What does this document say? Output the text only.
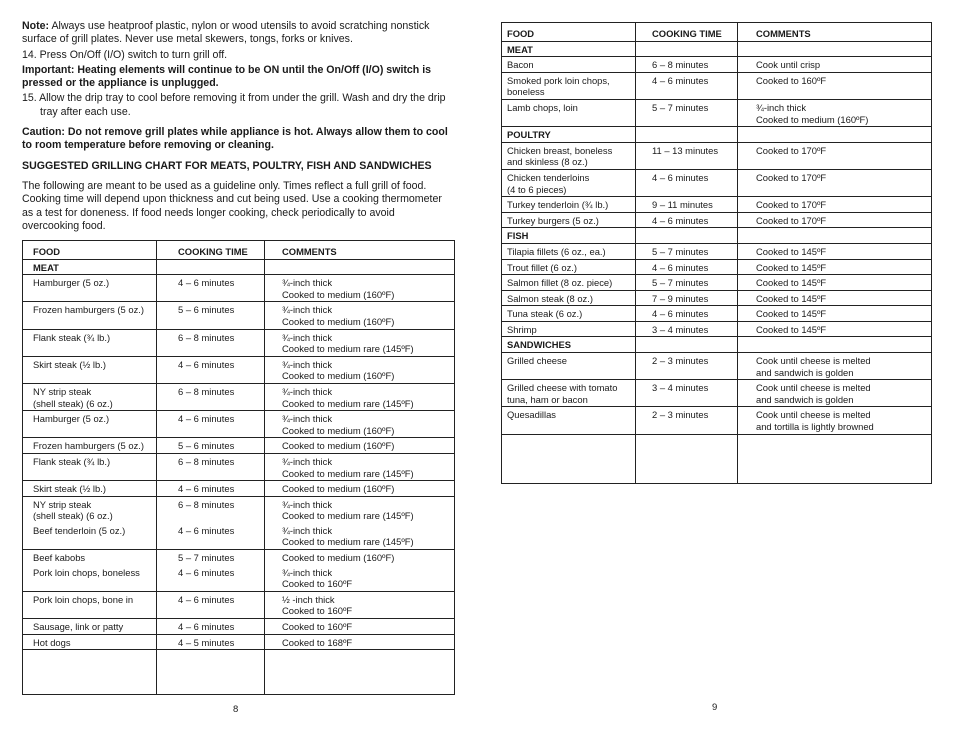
Note: Always use heatproof plastic, nylon or wood utensils to avoid scratching nonstick surface of grill plates. Never use metal skewers, tongs, forks or knives.

14. Press On/Off (I/O) switch to turn grill off.

Important: Heating elements will continue to be ON until the On/Off (I/O) switch is pressed or the appliance is unplugged.

15. Allow the drip tray to cool before removing it from under the grill. Wash and dry the drip tray after each use.

Caution: Do not remove grill plates while appliance is hot. Always allow them to cool to room temperature before removing or cleaning.

SUGGESTED GRILLING CHART FOR MEATS, POULTRY, FISH AND SANDWICHES

The following are meant to be used as a guideline only. Times reflect a full grill of food. Cooking time will depend upon thickness and cut being used. Use a cooking thermometer as a test for doneness. If food needs longer cooking, check periodically to avoid overcooking food.

FOOD	COOKING TIME	COMMENTS
MEAT		
Hamburger (5 oz.)	4 – 6 minutes	¾-inch thick
Cooked to medium (160ºF)
Frozen hamburgers (5 oz.)	5 – 6 minutes	¾-inch thick
Cooked to medium (160ºF)
Flank steak (¾ lb.)	6 – 8 minutes	¾-inch thick
Cooked to medium rare (145ºF)
Skirt steak (½ lb.)	4 – 6 minutes	¾-inch thick
Cooked to medium (160ºF)
NY strip steak
(shell steak) (6 oz.)	6 – 8 minutes	¾-inch thick
Cooked to medium rare (145ºF)
Hamburger (5 oz.)	4 – 6 minutes	¾-inch thick
Cooked to medium (160ºF)
Frozen hamburgers (5 oz.)	5 – 6 minutes	Cooked to medium (160ºF)
Flank steak (¾ lb.)	6 – 8 minutes	¾-inch thick
Cooked to medium rare (145ºF)
Skirt steak (½ lb.)	4 – 6 minutes	Cooked to medium (160ºF)
NY strip steak
(shell steak) (6 oz.)	6 – 8 minutes	¾-inch thick
Cooked to medium rare (145ºF)
Beef tenderloin (5 oz.)	4 – 6 minutes	¾-inch thick
Cooked to medium rare (145ºF)
Beef kabobs	5 – 7 minutes	Cooked to medium (160ºF)
Pork loin chops, boneless	4 – 6 minutes	¾-inch thick
Cooked to 160ºF
Pork loin chops, bone in	4 – 6 minutes	½ -inch thick
Cooked to 160ºF
Sausage, link or patty	4 – 6 minutes	Cooked to 160ºF
Hot dogs	4 – 5 minutes	Cooked to 168ºF

8
FOOD	COOKING TIME	COMMENTS
MEAT		
Bacon	6 – 8 minutes	Cook until crisp
Smoked pork loin chops,
boneless	4 – 6 minutes	Cooked to 160ºF
Lamb chops, loin	5 – 7 minutes	¾-inch thick
Cooked to medium (160ºF)
POULTRY		
Chicken breast, boneless
and skinless (8 oz.)	11 – 13 minutes	Cooked to 170ºF
Chicken tenderloins
(4 to 6 pieces)	4 – 6 minutes	Cooked to 170ºF
Turkey tenderloin (¾ lb.)	9 – 11 minutes	Cooked to 170ºF
Turkey burgers (5 oz.)	4 – 6 minutes	Cooked to 170ºF
FISH		
Tilapia fillets (6 oz., ea.)	5 – 7 minutes	Cooked to 145ºF
Trout fillet (6 oz.)	4 – 6 minutes	Cooked to 145ºF
Salmon fillet (8 oz. piece)	5 – 7 minutes	Cooked to 145ºF
Salmon steak (8 oz.)	7 – 9 minutes	Cooked to 145ºF
Tuna steak (6 oz.)	4 – 6 minutes	Cooked to 145ºF
Shrimp	3 – 4 minutes	Cooked to 145ºF
SANDWICHES		
Grilled cheese	2 – 3 minutes	Cook until cheese is melted
and sandwich is golden
Grilled cheese with tomato
tuna, ham or bacon	3 – 4 minutes	Cook until cheese is melted
and sandwich is golden
Quesadillas	2 – 3 minutes	Cook until cheese is melted
and tortilla is lightly browned

9
